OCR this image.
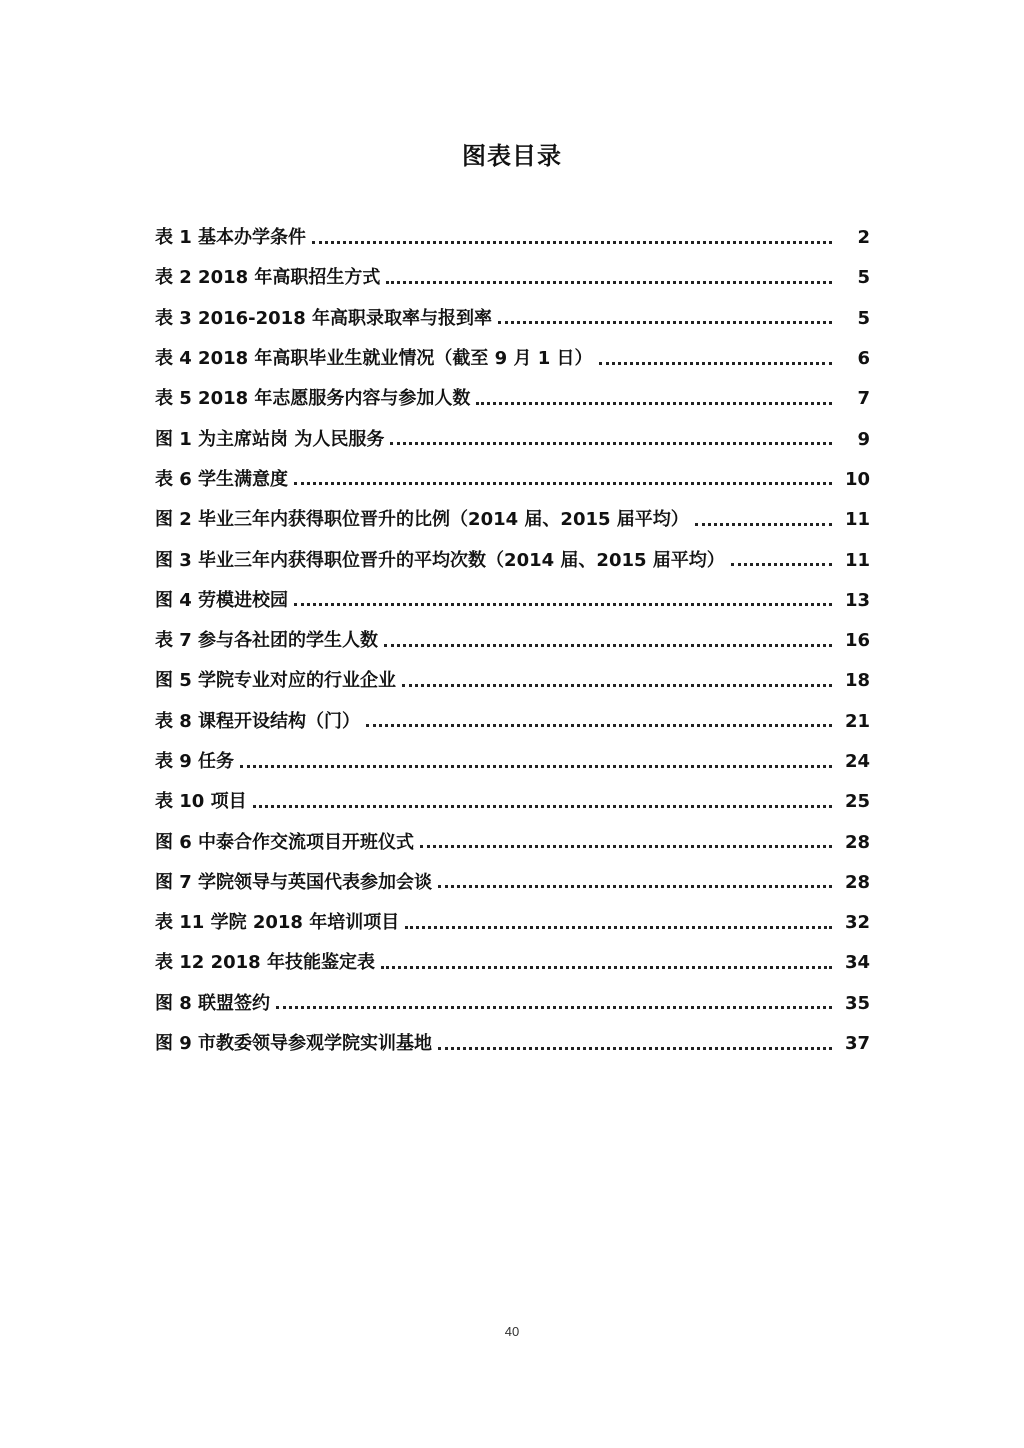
图表目录
表 1 基本办学条件	2
表 2 2018 年高职招生方式	5
表 3 2016-2018 年高职录取率与报到率	5
表 4 2018 年高职毕业生就业情况（截至 9 月 1 日）	6
表 5 2018 年志愿服务内容与参加人数	7
图 1 为主席站岗 为人民服务	9
表 6 学生满意度	10
图 2 毕业三年内获得职位晋升的比例（2014 届、2015 届平均）	11
图 3 毕业三年内获得职位晋升的平均次数（2014 届、2015 届平均）	11
图 4 劳模进校园	13
表 7 参与各社团的学生人数	16
图 5 学院专业对应的行业企业	18
表 8 课程开设结构（门）	21
表 9 任务	24
表 10 项目	25
图 6 中泰合作交流项目开班仪式	28
图 7 学院领导与英国代表参加会谈	28
表 11 学院 2018 年培训项目	32
表 12 2018 年技能鉴定表	34
图 8 联盟签约	35
图 9 市教委领导参观学院实训基地	37
40
